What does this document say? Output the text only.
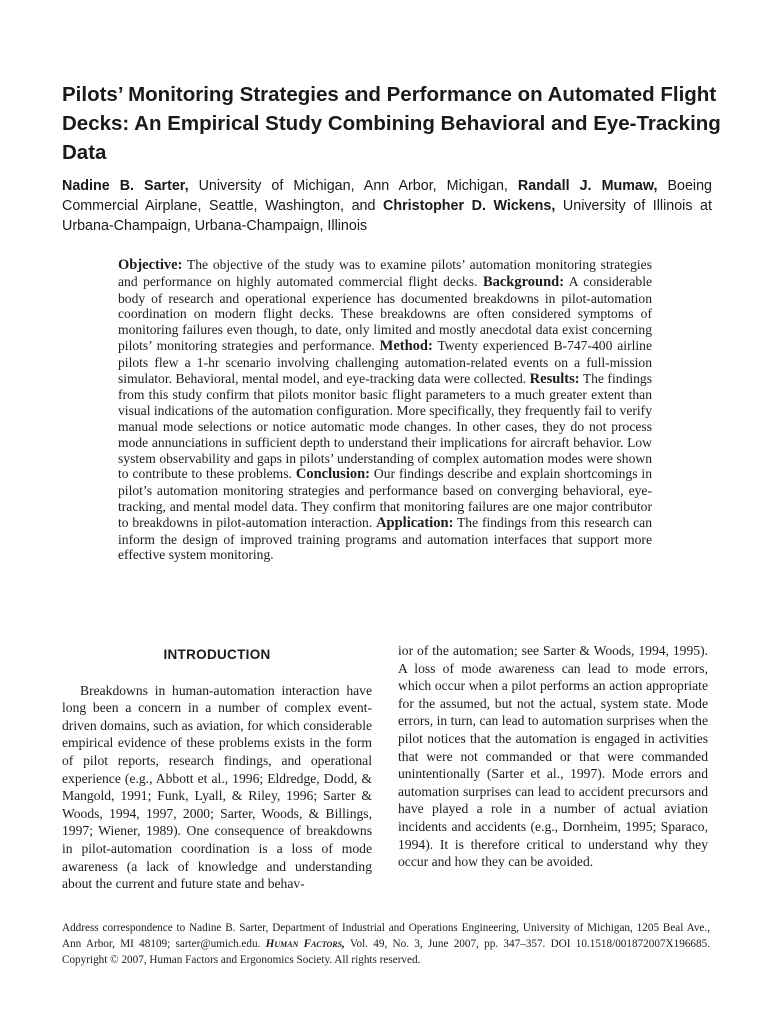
Pilots’ Monitoring Strategies and Performance on Automated Flight Decks: An Empirical Study Combining Behavioral and Eye-Tracking Data
Nadine B. Sarter, University of Michigan, Ann Arbor, Michigan, Randall J. Mumaw, Boeing Commercial Airplane, Seattle, Washington, and Christopher D. Wickens, University of Illinois at Urbana-Champaign, Urbana-Champaign, Illinois
Objective: The objective of the study was to examine pilots’ automation monitoring strategies and performance on highly automated commercial flight decks. Background: A considerable body of research and operational experience has documented breakdowns in pilot-automation coordination on modern flight decks. These breakdowns are often considered symptoms of monitoring failures even though, to date, only limited and mostly anecdotal data exist concerning pilots’ monitoring strategies and performance. Method: Twenty experienced B-747-400 airline pilots flew a 1-hr scenario involving challenging automation-related events on a full-mission simulator. Behavioral, mental model, and eye-tracking data were collected. Results: The findings from this study confirm that pilots monitor basic flight parameters to a much greater extent than visual indications of the automation configuration. More specifically, they frequently fail to verify manual mode selections or notice automatic mode changes. In other cases, they do not process mode annunciations in sufficient depth to understand their implications for aircraft behavior. Low system observability and gaps in pilots’ understanding of complex automation modes were shown to contribute to these problems. Conclusion: Our findings describe and explain shortcomings in pilot’s automation monitoring strategies and performance based on converging behavioral, eye-tracking, and mental model data. They confirm that monitoring failures are one major contributor to breakdowns in pilot-automation interaction. Application: The findings from this research can inform the design of improved training programs and automation interfaces that support more effective system monitoring.
INTRODUCTION

Breakdowns in human-automation interaction have long been a concern in a number of complex event-driven domains, such as aviation, for which considerable empirical evidence of these problems exists in the form of pilot reports, research findings, and operational experience (e.g., Abbott et al., 1996; Eldredge, Dodd, & Mangold, 1991; Funk, Lyall, & Riley, 1996; Sarter & Woods, 1994, 1997, 2000; Sarter, Woods, & Billings, 1997; Wiener, 1989). One consequence of breakdowns in pilot-automation coordination is a loss of mode awareness (a lack of knowledge and understanding about the current and future state and behav-

ior of the automation; see Sarter & Woods, 1994, 1995). A loss of mode awareness can lead to mode errors, which occur when a pilot performs an action appropriate for the assumed, but not the actual, system state. Mode errors, in turn, can lead to automation surprises when the pilot notices that the automation is engaged in activities that were not commanded or that were commanded unintentionally (Sarter et al., 1997). Mode errors and automation surprises can lead to accident precursors and have played a role in a number of actual aviation incidents and accidents (e.g., Dornheim, 1995; Sparaco, 1994). It is therefore critical to understand why they occur and how they can be avoided.

Address correspondence to Nadine B. Sarter, Department of Industrial and Operations Engineering, University of Michigan, 1205 Beal Ave., Ann Arbor, MI 48109; sarter@umich.edu. Human Factors, Vol. 49, No. 3, June 2007, pp. 347–357. DOI 10.1518/001872007X196685. Copyright © 2007, Human Factors and Ergonomics Society. All rights reserved.
